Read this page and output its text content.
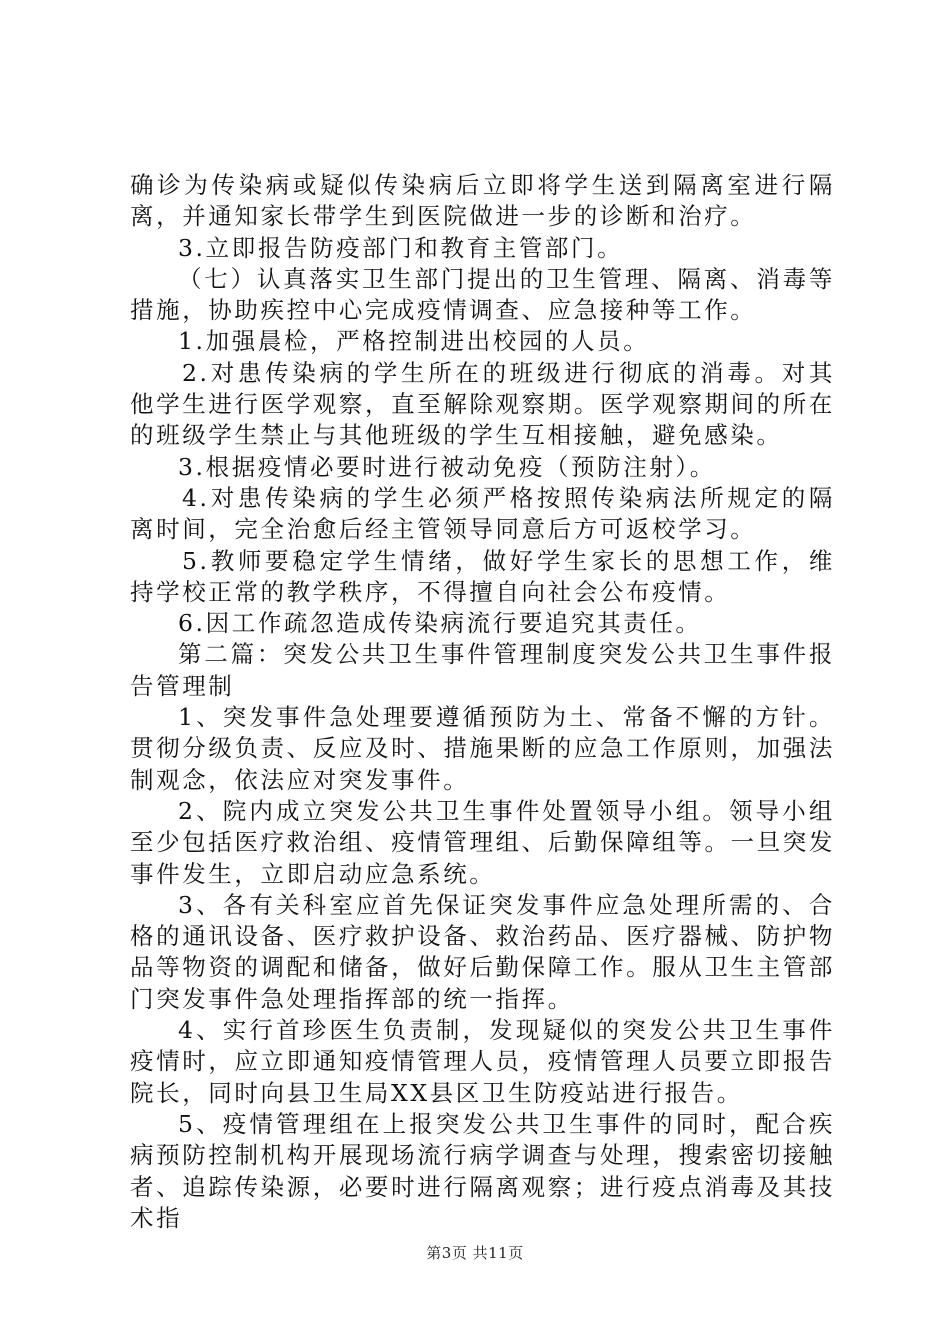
确诊为传染病或疑似传染病后立即将学生送到隔离室进行隔离，并通知家长带学生到医院做进一步的诊断和治疗。

3.立即报告防疫部门和教育主管部门。

（七）认真落实卫生部门提出的卫生管理、隔离、消毒等措施，协助疾控中心完成疫情调查、应急接种等工作。

1.加强晨检，严格控制进出校园的人员。

2.对患传染病的学生所在的班级进行彻底的消毒。对其他学生进行医学观察，直至解除观察期。医学观察期间的所在的班级学生禁止与其他班级的学生互相接触，避免感染。

3.根据疫情必要时进行被动免疫（预防注射）。

4.对患传染病的学生必须严格按照传染病法所规定的隔离时间，完全治愈后经主管领导同意后方可返校学习。

5.教师要稳定学生情绪，做好学生家长的思想工作，维持学校正常的教学秩序，不得擅自向社会公布疫情。

6.因工作疏忽造成传染病流行要追究其责任。

第二篇：突发公共卫生事件管理制度突发公共卫生事件报告管理制

1、突发事件急处理要遵循预防为土、常备不懈的方针。贯彻分级负责、反应及时、措施果断的应急工作原则，加强法制观念，依法应对突发事件。

2、院内成立突发公共卫生事件处置领导小组。领导小组至少包括医疗救治组、疫情管理组、后勤保障组等。一旦突发事件发生，立即启动应急系统。

3、各有关科室应首先保证突发事件应急处理所需的、合格的通讯设备、医疗救护设备、救治药品、医疗器械、防护物品等物资的调配和储备，做好后勤保障工作。服从卫生主管部门突发事件急处理指挥部的统一指挥。

4、实行首珍医生负责制，发现疑似的突发公共卫生事件疫情时，应立即通知疫情管理人员，疫情管理人员要立即报告院长，同时向县卫生局XX县区卫生防疫站进行报告。

5、疫情管理组在上报突发公共卫生事件的同时，配合疾病预防控制机构开展现场流行病学调查与处理，搜索密切接触者、追踪传染源，必要时进行隔离观察；进行疫点消毒及其技术指

第3页 共11页
